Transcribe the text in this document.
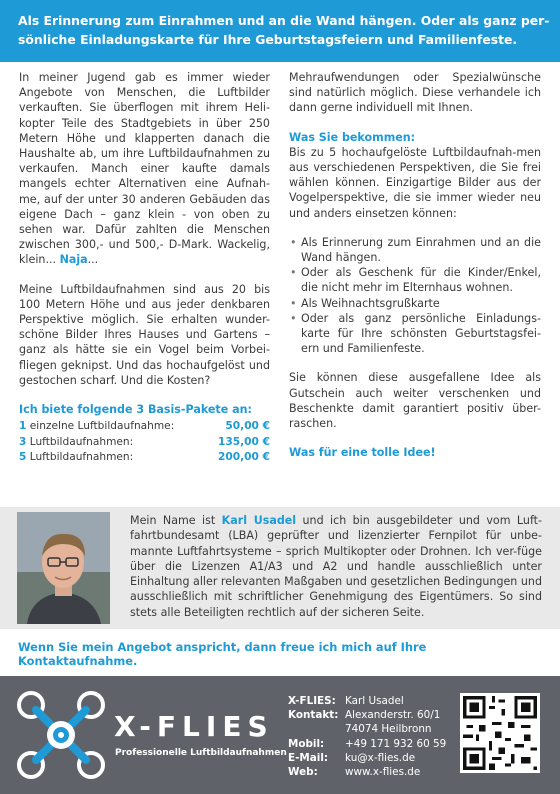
Als Erinnerung zum Einrahmen und an die Wand hängen. Oder als ganz per-
sönliche Einladungskarte für Ihre Geburtstagsfeiern und Familienfeste.

In meiner Jugend gab es immer wieder Angebote von Menschen, die Luftbilder verkauften. Sie überflogen mit ihrem Heli-kopter Teile des Stadtgebiets in über 250 Metern Höhe und klapperten danach die Haushalte ab, um ihre Luftbildaufnahmen zu verkaufen. Manch einer kaufte damals mangels echter Alternativen eine Aufnah-me, auf der unter 30 anderen Gebäuden das eigene Dach – ganz klein - von oben zu sehen war. Dafür zahlten die Menschen zwischen 300,- und 500,- D-Mark. Wackelig, klein... Naja...

Meine Luftbildaufnahmen sind aus 20 bis 100 Metern Höhe und aus jeder denkbaren Perspektive möglich. Sie erhalten wunder-schöne Bilder Ihres Hauses und Gartens – ganz als hätte sie ein Vogel beim Vorbei-fliegen geknipst. Und das hochaufgelöst und gestochen scharf. Und die Kosten?

Ich biete folgende 3 Basis-Pakete an:
1 einzelne Luftbildaufnahme:	50,00 €
3 Luftbildaufnahmen:	135,00 €
5 Luftbildaufnahmen:	200,00 €

Mehraufwendungen oder Spezialwünsche sind natürlich möglich. Diese verhandele ich dann gerne individuell mit Ihnen.

Was Sie bekommen:

Bis zu 5 hochaufgelöste Luftbildaufnah-men aus verschiedenen Perspektiven, die Sie frei wählen können. Einzigartige Bilder aus der Vogelperspektive, die sie immer wieder neu und anders einsetzen können:

• Als Erinnerung zum Einrahmen und an die Wand hängen.
• Oder als Geschenk für die Kinder/Enkel, die nicht mehr im Elternhaus wohnen.
• Als Weihnachtsgrußkarte
• Oder als ganz persönliche Einladungs-karte für Ihre schönsten Geburtstagsfei-ern und Familienfeste.

Sie können diese ausgefallene Idee als Gutschein auch weiter verschenken und Beschenkte damit garantiert positiv über-raschen.

Was für eine tolle Idee!
Mein Name ist Karl Usadel und ich bin ausgebildeter und vom Luft-fahrtbundesamt (LBA) geprüfter und lizenzierter Fernpilot für unbe-mannte Luftfahrtsysteme – sprich Multikopter oder Drohnen. Ich ver-füge über die Lizenzen A1/A3 und A2 und handle ausschließlich unter Einhaltung aller relevanten Maßgaben und gesetzlichen Bedingungen und ausschließlich mit schriftlicher Genehmigung des Eigentümers. So sind stets alle Beteiligten rechtlich auf der sicheren Seite.
Wenn Sie mein Angebot anspricht, dann freue ich mich auf Ihre Kontaktaufnahme.
X-FLIES
Professionelle Luftbildaufnahmen
X-FLIES: Karl Usadel
Kontakt: Alexanderstr. 60/1
74074 Heilbronn
Mobil:	+49 171 932 60 59
E-Mail:	ku@x-flies.de
Web:	www.x-flies.de
